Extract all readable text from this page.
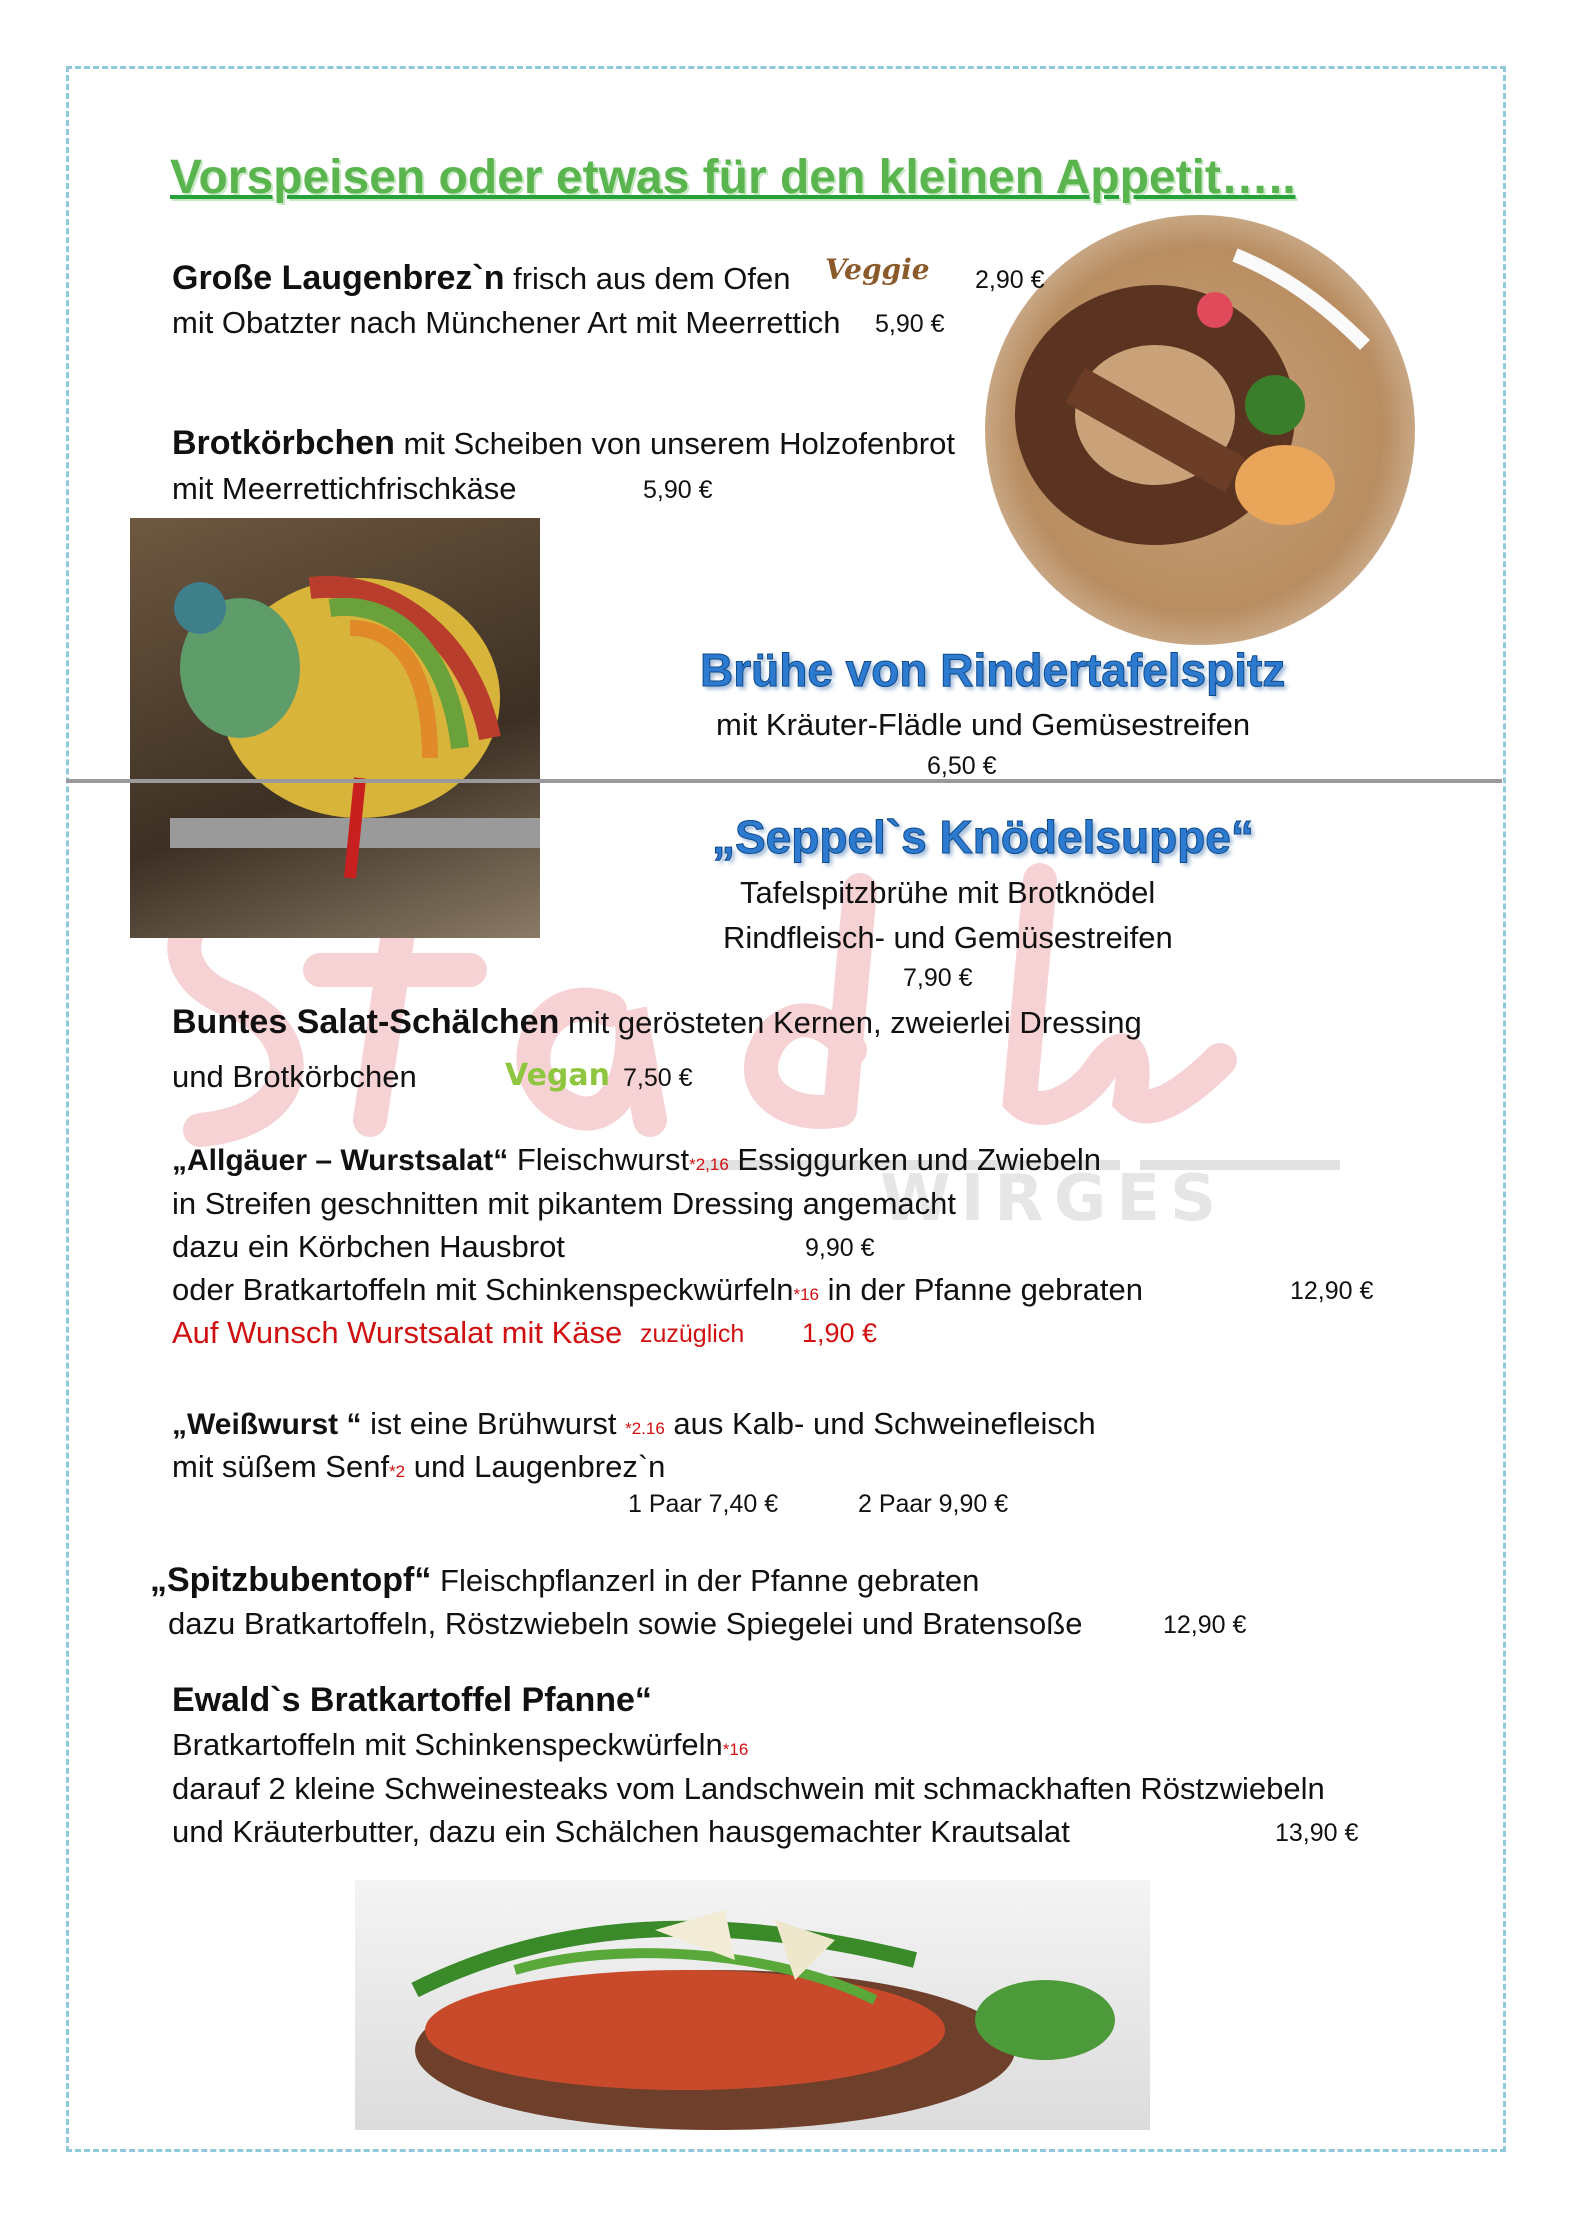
WIRGES
Vorspeisen oder etwas für den kleinen Appetit…..
Große Laugenbrez`n frisch aus dem Ofen Veggie 2,90 €
mit Obatzter nach Münchener Art mit Meerrettich 5,90 €
Brotkörbchen mit Scheiben von unserem Holzofenbrot
mit Meerrettichfrischkäse	5,90 €
Brühe von Rindertafelspitz
mit Kräuter-Flädle und Gemüsestreifen
6,50 €
„Seppel`s Knödelsuppe“
Tafelspitzbrühe mit Brotknödel
Rindfleisch- und Gemüsestreifen
7,90 €
Buntes Salat-Schälchen mit gerösteten Kernen, zweierlei Dressing
und Brotkörbchen	Vegan 7,50 €
„Allgäuer – Wurstsalat“ Fleischwurst*2,16 Essiggurken und Zwiebeln
in Streifen geschnitten mit pikantem Dressing angemacht
dazu ein Körbchen Hausbrot	9,90 €
oder Bratkartoffeln mit Schinkenspeckwürfeln*16 in der Pfanne gebraten	12,90 €
Auf Wunsch Wurstsalat mit Käse zuzüglich 1,90 €
„Weißwurst “ ist eine Brühwurst *2.16 aus Kalb- und Schweinefleisch
mit süßem Senf*2 und Laugenbrez`n
1 Paar 7,40 €	2 Paar 9,90 €
„Spitzbubentopf“ Fleischpflanzerl in der Pfanne gebraten
dazu Bratkartoffeln, Röstzwiebeln sowie Spiegelei und Bratensoße	12,90 €
Ewald`s Bratkartoffel Pfanne“
Bratkartoffeln mit Schinkenspeckwürfeln*16
darauf 2 kleine Schweinesteaks vom Landschwein mit schmackhaften Röstzwiebeln
und Kräuterbutter, dazu ein Schälchen hausgemachter Krautsalat	13,90 €
